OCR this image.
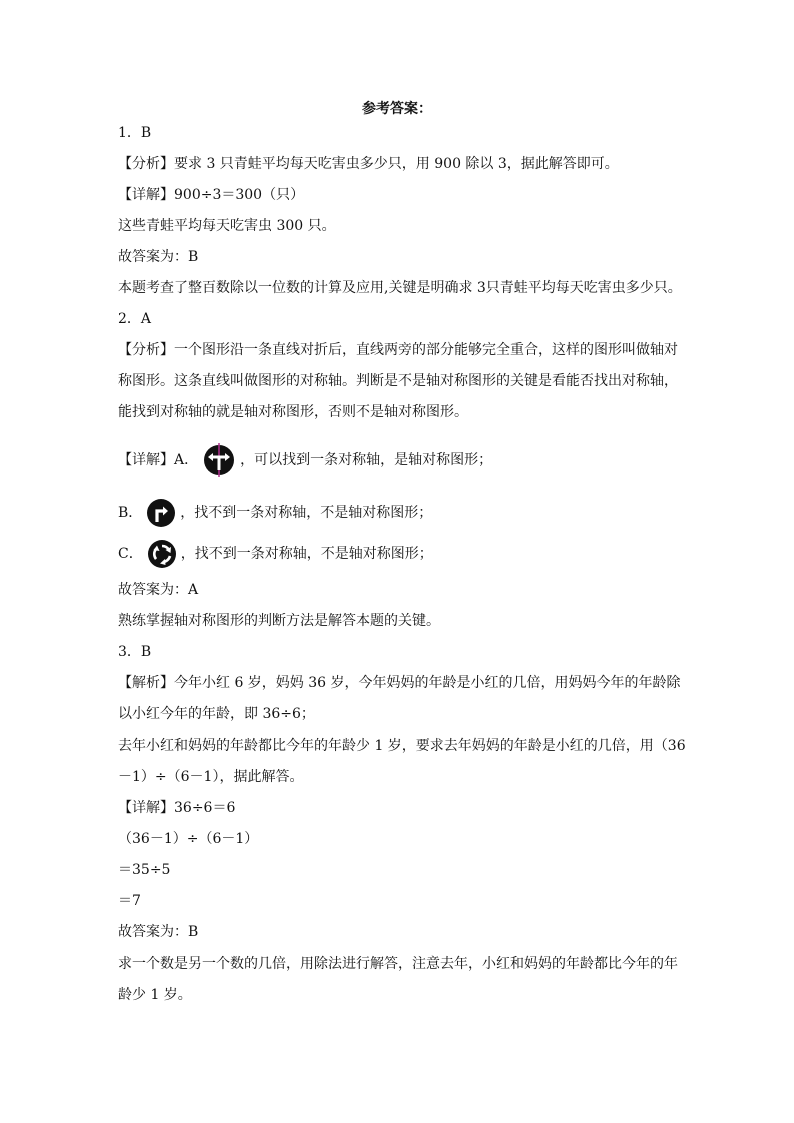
参考答案：
1．B
【分析】要求 3 只青蛙平均每天吃害虫多少只，用 900 除以 3，据此解答即可。
【详解】900÷3＝300（只）
这些青蛙平均每天吃害虫 300 只。
故答案为：B
本题考查了整百数除以一位数的计算及应用,关键是明确求 3只青蛙平均每天吃害虫多少只。
2．A
【分析】一个图形沿一条直线对折后，直线两旁的部分能够完全重合，这样的图形叫做轴对
称图形。这条直线叫做图形的对称轴。判断是不是轴对称图形的关键是看能否找出对称轴，
能找到对称轴的就是轴对称图形，否则不是轴对称图形。
【详解】A．	，可以找到一条对称轴，是轴对称图形；
B．	，找不到一条对称轴，不是轴对称图形；
C．	，找不到一条对称轴，不是轴对称图形；
故答案为：A
熟练掌握轴对称图形的判断方法是解答本题的关键。
3．B
【解析】今年小红 6 岁，妈妈 36 岁，今年妈妈的年龄是小红的几倍，用妈妈今年的年龄除
以小红今年的年龄，即 36÷6；
去年小红和妈妈的年龄都比今年的年龄少 1 岁，要求去年妈妈的年龄是小红的几倍，用（36
－1）÷（6－1），据此解答。
【详解】36÷6＝6
（36－1）÷（6－1）
＝35÷5
＝7
故答案为：B
求一个数是另一个数的几倍，用除法进行解答，注意去年，小红和妈妈的年龄都比今年的年
龄少 1 岁。
